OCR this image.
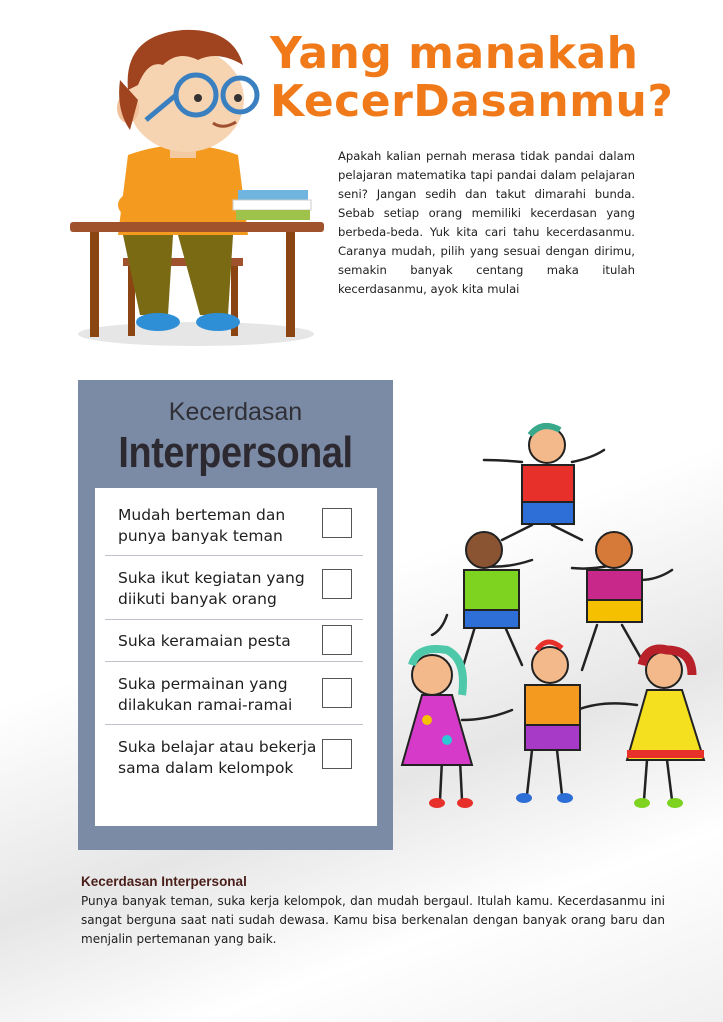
Yang manakah
KecerDasanmu?
Apakah kalian pernah merasa tidak pandai dalam pelajaran matematika tapi pandai dalam pelajaran seni? Jangan sedih dan takut dimarahi bunda. Sebab setiap orang memiliki kecerdasan yang berbeda-beda. Yuk kita cari tahu kecerdasanmu. Caranya mudah, pilih yang sesuai dengan dirimu, semakin banyak centang maka itulah kecerdasanmu, ayok kita mulai
Kecerdasan
Interpersonal
Mudah berteman dan punya banyak teman
Suka ikut kegiatan yang diikuti banyak orang
Suka keramaian pesta
Suka permainan yang dilakukan ramai-ramai
Suka belajar atau bekerja sama dalam kelompok
Kecerdasan Interpersonal
Punya banyak teman, suka kerja kelompok, dan mudah bergaul. Itulah kamu. Kecerdasanmu ini sangat berguna saat nati sudah dewasa. Kamu bisa berkenalan dengan banyak orang baru dan menjalin pertemanan yang baik.
